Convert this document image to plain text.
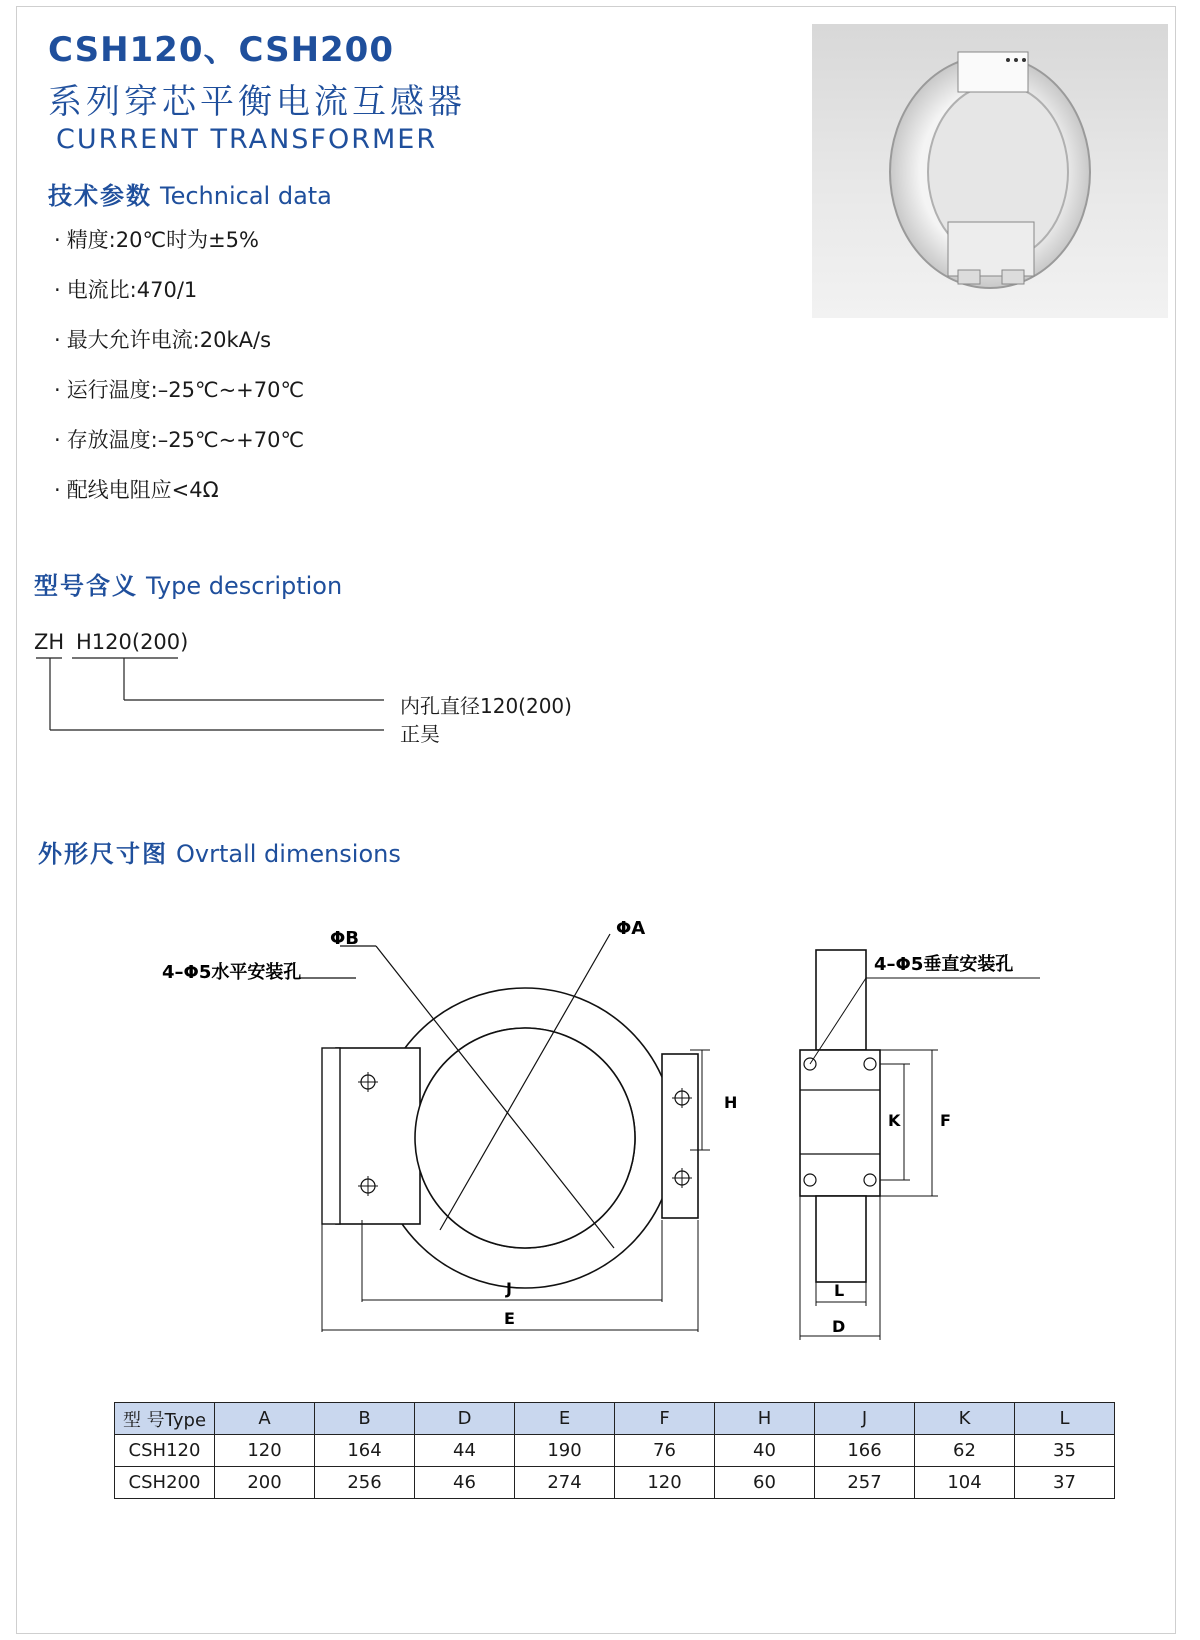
CSH120、CSH200
系列穿芯平衡电流互感器
CURRENT TRANSFORMER
技术参数 Technical data
· 精度:20℃时为±5%
· 电流比:470/1
· 最大允许电流:20kA/s
· 运行温度:–25℃~+70℃
· 存放温度:–25℃~+70℃
· 配线电阻应<4Ω
型号含义 Type description
ZH H120(200)
内孔直径120(200)
正昊
外形尺寸图 Ovrtall dimensions
ΦB	ΦA
4–Φ5水平安装孔
H
J
E
4–Φ5垂直安装孔
K F
L
D
型 号Type	A	B	D	E	F	H	J	K	L
CSH120	120	164	44	190	76	40	166	62	35
CSH200	200	256	46	274	120	60	257	104	37
